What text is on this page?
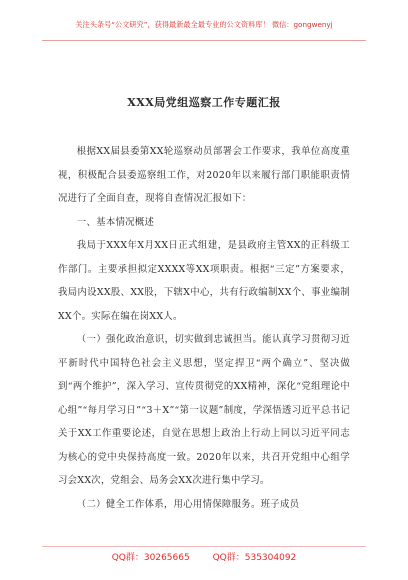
关注头条号“公文研究”，获得最新最全最专业的公文资料库！ 微信：gongwenyj
XXX局党组巡察工作专题汇报

根据XX届县委第XX轮巡察动员部署会工作要求，我单位高度重视，积极配合县委巡察组工作，对2020年以来履行部门职能职责情况进行了全面自查，现将自查情况汇报如下：

一、基本情况概述

我局于XXX年X月XX日正式组建，是县政府主管XX的正科级工作部门。主要承担拟定XXXX等XX项职责。根据“三定”方案要求，我局内设XX股、XX股，下辖X中心，共有行政编制XX个、事业编制XX个。实际在编在岗XX人。

（一）强化政治意识，切实做到忠诚担当。能认真学习贯彻习近平新时代中国特色社会主义思想，坚定捍卫“两个确立”、坚决做到“两个维护”，深入学习、宣传贯彻党的XX精神，深化“党组理论中心组”“每月学习日”“3＋X”“第一议题”制度，学深悟透习近平总书记关于XX工作重要论述，自觉在思想上政治上行动上同以习近平同志为核心的党中央保持高度一致。2020年以来，共召开党组中心组学习会XX次，党组会、局务会XX次进行集中学习。

（二）健全工作体系，用心用情保障服务。班子成员

QQ群：30265665	QQ群：535304092
